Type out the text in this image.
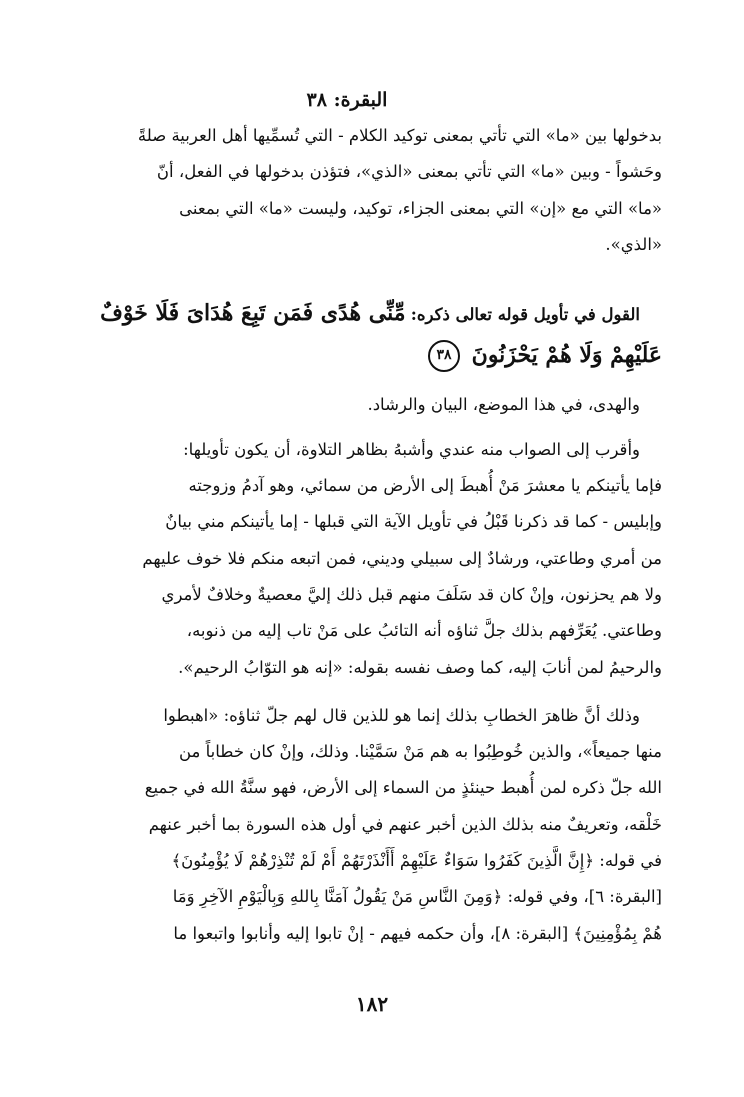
البقرة: ٣٨
بدخولها بين «ما» التي تأتي بمعنى توكيد الكلام - التي تُسمِّيها أهل العربية صلةً
وحَشواً - وبين «ما» التي تأتي بمعنى «الذي»، فتؤذن بدخولها في الفعل، أنّ
«ما» التي مع «إن» التي بمعنى الجزاء، توكيد، وليست «ما» التي بمعنى
«الذي».
القول في تأويل قوله تعالى ذكره: مِّنِّى هُدًى فَمَن تَبِعَ هُدَاىَ فَلَا خَوْفٌ
عَلَيْهِمْ وَلَا هُمْ يَحْزَنُونَ ٣٨
والهدى، في هذا الموضع، البيان والرشاد.
وأقرب إلى الصواب منه عندي وأشبهُ بظاهر التلاوة، أن يكون تأويلها:
فإما يأتينكم يا معشرَ مَنْ أُهبطَ إلى الأرض من سمائي، وهو آدمُ وزوجته
وإبليس - كما قد ذكرنا قَبْلُ في تأويل الآية التي قبلها - إما يأتينكم مني بيانٌ
من أمري وطاعتي، ورشادٌ إلى سبيلي وديني، فمن اتبعه منكم فلا خوف عليهم
ولا هم يحزنون، وإنْ كان قد سَلَفَ منهم قبل ذلك إليَّ معصيةٌ وخلافٌ لأمري
وطاعتي. يُعَرِّفهم بذلك جلَّ ثناؤه أنه التائبُ على مَنْ تاب إليه من ذنوبه،
والرحيمُ لمن أنابَ إليه، كما وصف نفسه بقوله: «إنه هو التوّابُ الرحيم».
وذلك أنَّ ظاهرَ الخطابِ بذلك إنما هو للذين قال لهم جلّ ثناؤه: «اهبطوا
منها جميعاً»، والذين خُوطِبُوا به هم مَنْ سَمَّيْنا. وذلك، وإنْ كان خطاباً من
الله جلّ ذكره لمن أُهبط حينئذٍ من السماء إلى الأرض، فهو سنَّةُ الله في جميع
خَلْقه، وتعريفٌ منه بذلك الذين أخبر عنهم في أول هذه السورة بما أخبر عنهم
في قوله: ﴿إِنَّ الَّذِينَ كَفَرُوا سَوَاءٌ عَلَيْهِمْ أَأَنْذَرْتَهُمْ أَمْ لَمْ تُنْذِرْهُمْ لَا يُؤْمِنُونَ﴾
[البقرة: ٦]، وفي قوله: ﴿وَمِنَ النَّاسِ مَنْ يَقُولُ آمَنَّا بِاللهِ وَبِالْيَوْمِ الآخِرِ وَمَا
هُمْ بِمُؤْمِنِينَ﴾ [البقرة: ٨]، وأن حكمه فيهم - إنْ تابوا إليه وأنابوا واتبعوا ما
١٨٢
